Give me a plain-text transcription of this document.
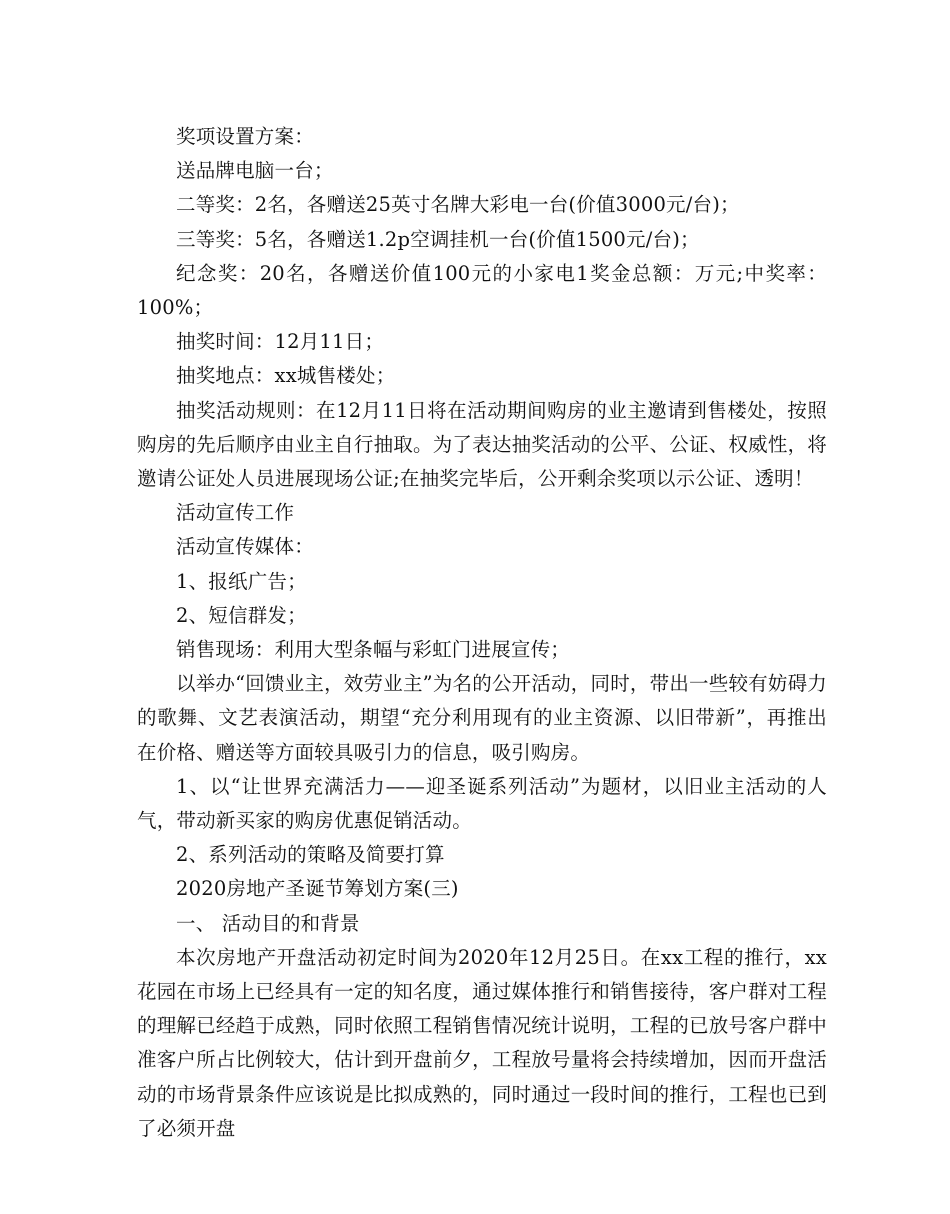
奖项设置方案：

送品牌电脑一台；

二等奖：2名，各赠送25英寸名牌大彩电一台(价值3000元/台)；

三等奖：5名，各赠送1.2p空调挂机一台(价值1500元/台)；

纪念奖：20名，各赠送价值100元的小家电1奖金总额：万元;中奖率：100%；

抽奖时间：12月11日；

抽奖地点：xx城售楼处；

抽奖活动规则：在12月11日将在活动期间购房的业主邀请到售楼处，按照购房的先后顺序由业主自行抽取。为了表达抽奖活动的公平、公证、权威性，将邀请公证处人员进展现场公证;在抽奖完毕后，公开剩余奖项以示公证、透明！

活动宣传工作

活动宣传媒体：

1、报纸广告；

2、短信群发；

销售现场：利用大型条幅与彩虹门进展宣传；

以举办“回馈业主，效劳业主”为名的公开活动，同时，带出一些较有妨碍力的歌舞、文艺表演活动，期望“充分利用现有的业主资源、以旧带新”，再推出在价格、赠送等方面较具吸引力的信息，吸引购房。

1、以“让世界充满活力——迎圣诞系列活动”为题材，以旧业主活动的人气，带动新买家的购房优惠促销活动。

2、系列活动的策略及简要打算

2020房地产圣诞节筹划方案(三)

一、 活动目的和背景

本次房地产开盘活动初定时间为2020年12月25日。在xx工程的推行，xx花园在市场上已经具有一定的知名度，通过媒体推行和销售接待，客户群对工程的理解已经趋于成熟，同时依照工程销售情况统计说明，工程的已放号客户群中准客户所占比例较大，估计到开盘前夕，工程放号量将会持续增加，因而开盘活动的市场背景条件应该说是比拟成熟的，同时通过一段时间的推行，工程也已到了必须开盘
